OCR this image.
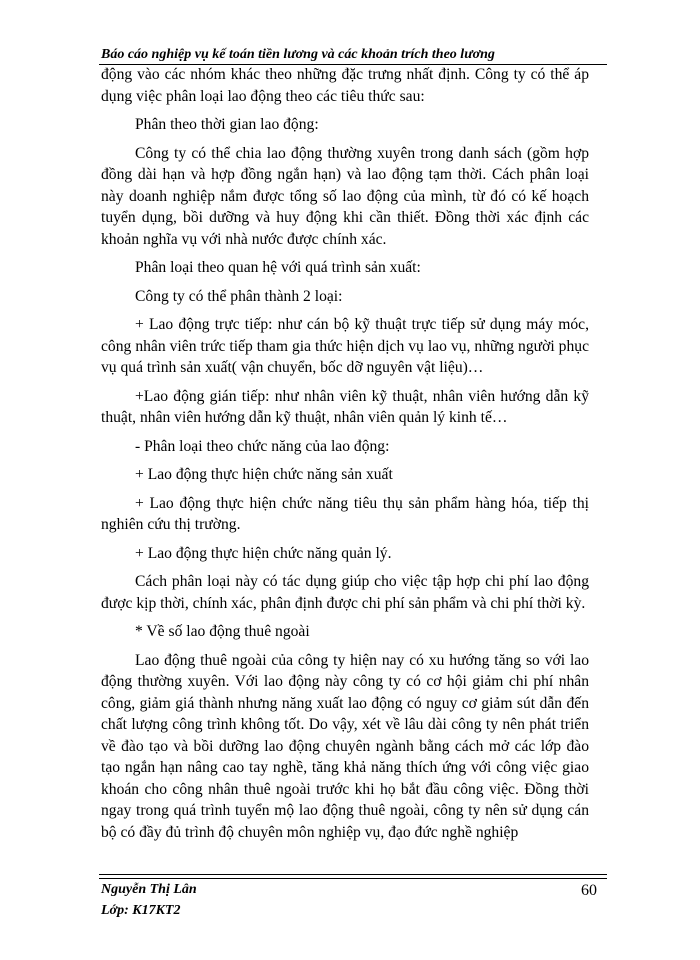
Báo cáo nghiệp vụ kế toán tiền lương và các khoản trích theo lương

động vào các nhóm khác theo những đặc trưng nhất định. Công ty có thể áp dụng việc phân loại lao động theo các tiêu thức sau:

Phân theo thời gian lao động:

Công ty có thể chia lao động thường xuyên trong danh sách (gồm hợp đồng dài hạn và hợp đồng ngắn hạn) và lao động tạm thời. Cách phân loại này doanh nghiệp nắm được tổng số lao động của mình, từ đó có kế hoạch tuyển dụng, bồi dưỡng và huy động khi cần thiết. Đồng thời xác định các khoản nghĩa vụ với nhà nước được chính xác.

Phân loại theo quan hệ với quá trình sản xuất:

Công ty có thể phân thành 2 loại:

+ Lao động trực tiếp: như cán bộ kỹ thuật trực tiếp sử dụng máy móc, công nhân viên trức tiếp tham gia thức hiện dịch vụ lao vụ, những người phục vụ quá trình sản xuất( vận chuyển, bốc dỡ nguyên vật liệu)…

+Lao động gián tiếp: như nhân viên kỹ thuật, nhân viên hướng dẫn kỹ thuật, nhân viên hướng dẫn kỹ thuật, nhân viên quản lý kinh tế…

- Phân loại theo chức năng của lao động:

+ Lao động thực hiện chức năng sản xuất

+ Lao động thực hiện chức năng tiêu thụ sản phẩm hàng hóa, tiếp thị nghiên cứu thị trường.

+ Lao động thực hiện chức năng quản lý.

Cách phân loại này có tác dụng giúp cho việc tập hợp chi phí lao động được kịp thời, chính xác, phân định được chi phí sản phẩm và chi phí thời kỳ.

* Về số lao động thuê ngoài

Lao động thuê ngoài của công ty hiện nay có xu hướng tăng so với lao động thường xuyên. Với lao động này công ty có cơ hội giảm chi phí nhân công, giảm giá thành nhưng năng xuất lao động có nguy cơ giảm sút dẫn đến chất lượng công trình không tốt. Do vậy, xét về lâu dài công ty nên phát triển về đào tạo và bồi dưỡng lao động chuyên ngành bằng cách mở các lớp đào tạo ngắn hạn nâng cao tay nghề, tăng khả năng thích ứng với công việc giao khoán cho công nhân thuê ngoài trước khi họ bắt đầu công việc. Đồng thời ngay trong quá trình tuyển mộ lao động thuê ngoài, công ty nên sử dụng cán bộ có đầy đủ trình độ chuyên môn nghiệp vụ, đạo đức nghề nghiệp

Nguyễn Thị Lân
Lớp: K17KT2
60
